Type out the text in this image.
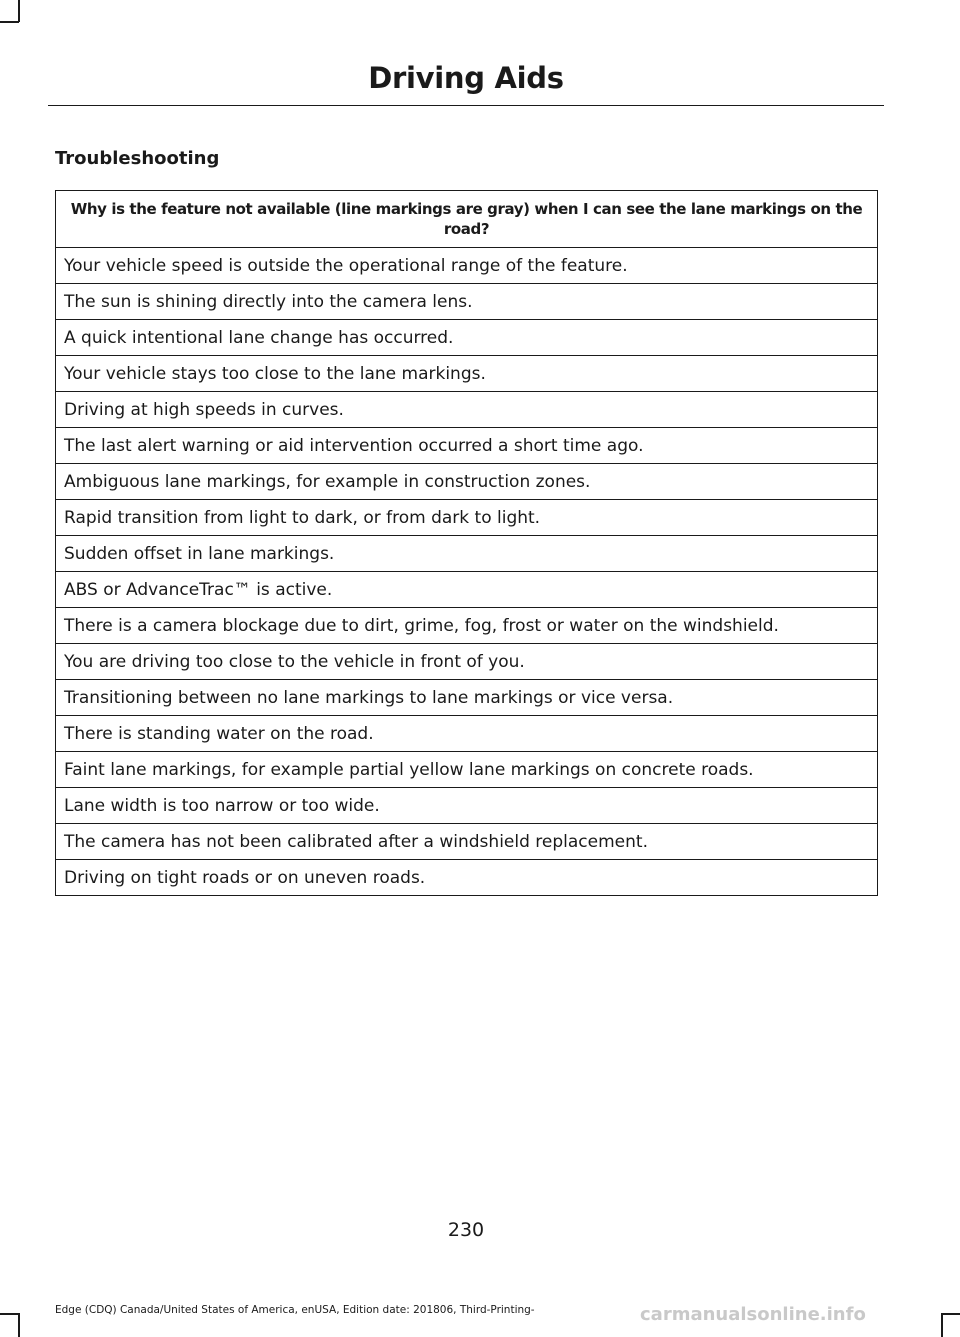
Driving Aids
Troubleshooting
Why is the feature not available (line markings are gray) when I can see the lane markings on the road?
Your vehicle speed is outside the operational range of the feature.
The sun is shining directly into the camera lens.
A quick intentional lane change has occurred.
Your vehicle stays too close to the lane markings.
Driving at high speeds in curves.
The last alert warning or aid intervention occurred a short time ago.
Ambiguous lane markings, for example in construction zones.
Rapid transition from light to dark, or from dark to light.
Sudden offset in lane markings.
ABS or AdvanceTrac™ is active.
There is a camera blockage due to dirt, grime, fog, frost or water on the windshield.
You are driving too close to the vehicle in front of you.
Transitioning between no lane markings to lane markings or vice versa.
There is standing water on the road.
Faint lane markings, for example partial yellow lane markings on concrete roads.
Lane width is too narrow or too wide.
The camera has not been calibrated after a windshield replacement.
Driving on tight roads or on uneven roads.
230
Edge (CDQ) Canada/United States of America, enUSA, Edition date: 201806, Third-Printing-	carmanualsonline.info
